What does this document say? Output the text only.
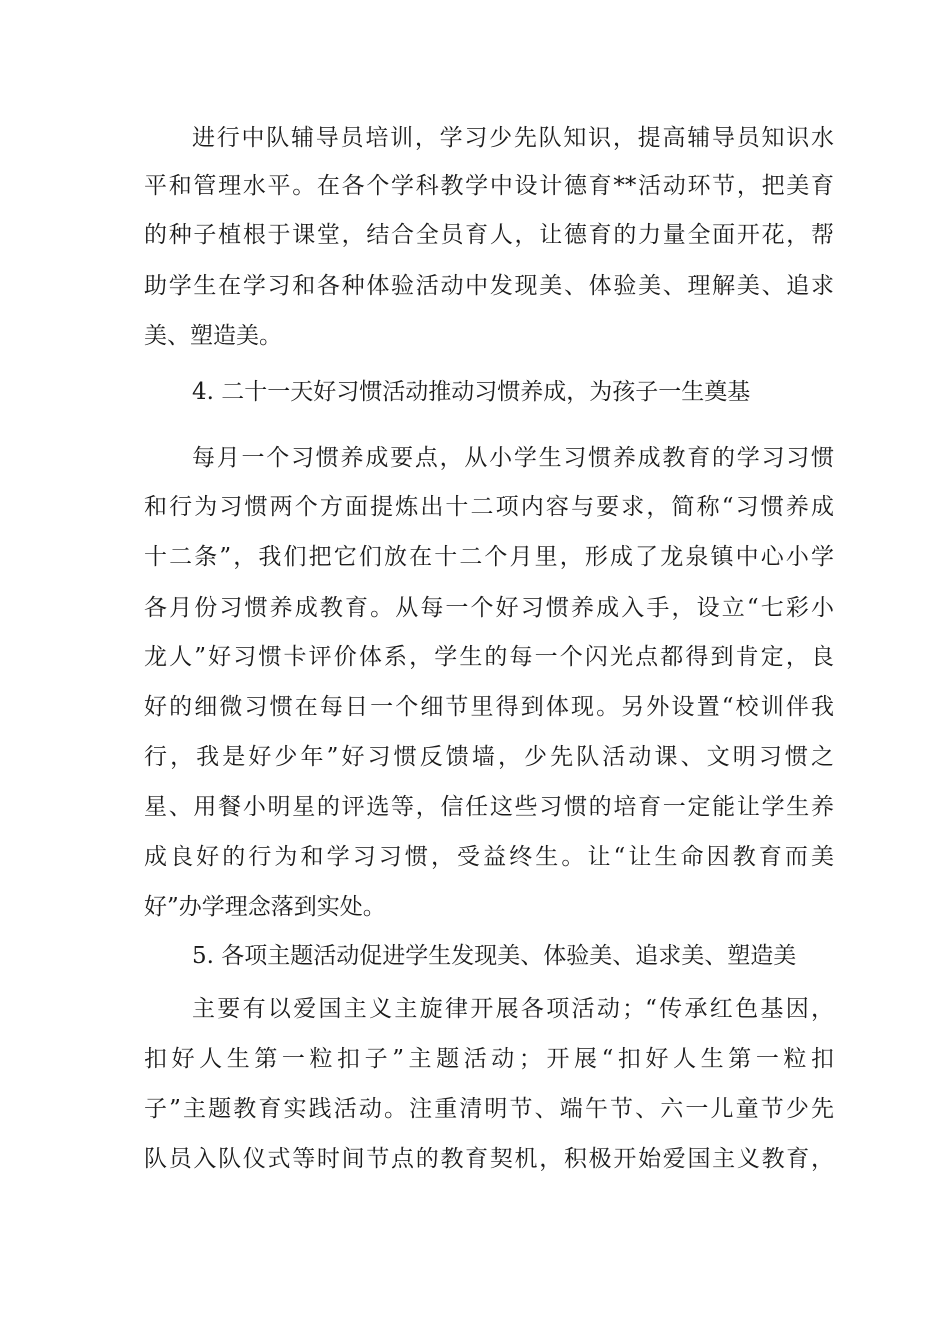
进行中队辅导员培训，学习少先队知识，提高辅导员知识水
平和管理水平。在各个学科教学中设计德育**活动环节，把美育
的种子植根于课堂，结合全员育人，让德育的力量全面开花，帮
助学生在学习和各种体验活动中发现美、体验美、理解美、追求
美、塑造美。
4. 二十一天好习惯活动推动习惯养成，为孩子一生奠基
每月一个习惯养成要点，从小学生习惯养成教育的学习习惯
和行为习惯两个方面提炼出十二项内容与要求，简称“习惯养成
十二条”，我们把它们放在十二个月里，形成了龙泉镇中心小学
各月份习惯养成教育。从每一个好习惯养成入手，设立“七彩小
龙人”好习惯卡评价体系，学生的每一个闪光点都得到肯定，良
好的细微习惯在每日一个细节里得到体现。另外设置“校训伴我
行，我是好少年”好习惯反馈墙，少先队活动课、文明习惯之
星、用餐小明星的评选等，信任这些习惯的培育一定能让学生养
成良好的行为和学习习惯，受益终生。让“让生命因教育而美
好”办学理念落到实处。
5. 各项主题活动促进学生发现美、体验美、追求美、塑造美
主要有以爱国主义主旋律开展各项活动；“传承红色基因，
扣好人生第一粒扣子”主题活动；开展“扣好人生第一粒扣
子”主题教育实践活动。注重清明节、端午节、六一儿童节少先
队员入队仪式等时间节点的教育契机，积极开始爱国主义教育，
